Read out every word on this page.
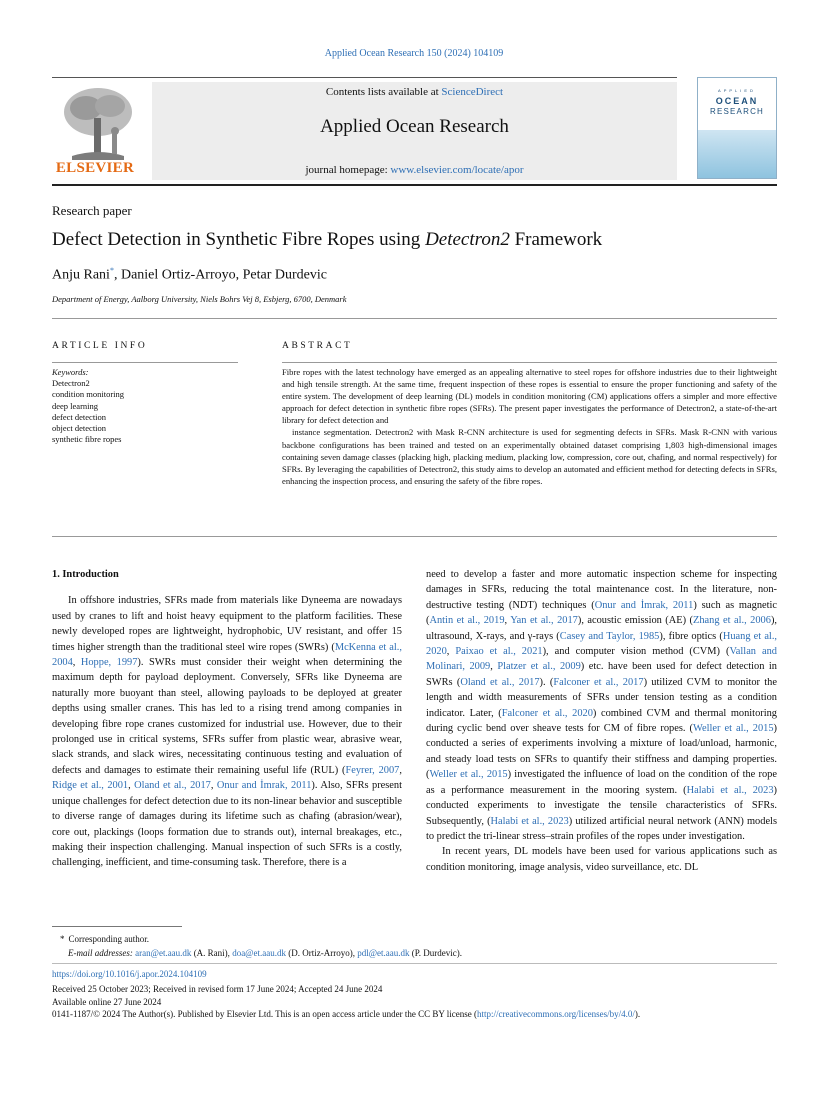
Applied Ocean Research 150 (2024) 104109
ELSEVIER
Contents lists available at ScienceDirect
Applied Ocean Research
journal homepage: www.elsevier.com/locate/apor
APPLIED
OCEAN
RESEARCH
Research paper
Defect Detection in Synthetic Fibre Ropes using Detectron2 Framework
Anju Rani*, Daniel Ortiz-Arroyo, Petar Durdevic
Department of Energy, Aalborg University, Niels Bohrs Vej 8, Esbjerg, 6700, Denmark
ARTICLE INFO	ABSTRACT
Keywords:
Detectron2
condition monitoring
deep learning
defect detection
object detection
synthetic fibre ropes

Fibre ropes with the latest technology have emerged as an appealing alternative to steel ropes for offshore industries due to their lightweight and high tensile strength. At the same time, frequent inspection of these ropes is essential to ensure the proper functioning and safety of the entire system. The development of deep learning (DL) models in condition monitoring (CM) applications offers a simpler and more effective approach for defect detection in synthetic fibre ropes (SFRs). The present paper investigates the performance of Detectron2, a state-of-the-art library for defect detection and

instance segmentation. Detectron2 with Mask R-CNN architecture is used for segmenting defects in SFRs. Mask R-CNN with various backbone configurations has been trained and tested on an experimentally obtained dataset comprising 1,803 high-dimensional images containing seven damage classes (placking high, placking medium, placking low, compression, core out, chafing, and normal respectively) for SFRs. By leveraging the capabilities of Detectron2, this study aims to develop an automated and efficient method for detecting defects in SFRs, enhancing the inspection process, and ensuring the safety of the fibre ropes.

1. Introduction

In offshore industries, SFRs made from materials like Dyneema are nowadays used by cranes to lift and hoist heavy equipment to the platform facilities. These newly developed ropes are lightweight, hydrophobic, UV resistant, and offer 15 times higher strength than the traditional steel wire ropes (SWRs) (McKenna et al., 2004, Hoppe, 1997). SWRs must consider their weight when determining the maximum depth for payload deployment. Conversely, SFRs like Dyneema are naturally more buoyant than steel, allowing payloads to be deployed at greater depths using smaller cranes. This has led to a rising trend among companies in developing fibre rope cranes customized for industrial use. However, due to their prolonged use in critical systems, SFRs suffer from plastic wear, abrasive wear, slack strands, and slack wires, necessitating continuous testing and evaluation of defects and damages to estimate their remaining useful life (RUL) (Feyrer, 2007, Ridge et al., 2001, Oland et al., 2017, Onur and İmrak, 2011). Also, SFRs present unique challenges for defect detection due to its non-linear behavior and susceptible to diverse range of damages during its lifetime such as chafing (abrasion/wear), core out, plackings (loops formation due to strands out), internal breakages, etc., making their inspection challenging. Manual inspection of such SFRs is a costly, challenging, inefficient, and time-consuming task. Therefore, there is a

need to develop a faster and more automatic inspection scheme for inspecting damages in SFRs, reducing the total maintenance cost. In the literature, non-destructive testing (NDT) techniques (Onur and İmrak, 2011) such as magnetic (Antin et al., 2019, Yan et al., 2017), acoustic emission (AE) (Zhang et al., 2006), ultrasound, X-rays, and γ-rays (Casey and Taylor, 1985), fibre optics (Huang et al., 2020, Paixao et al., 2021), and computer vision method (CVM) (Vallan and Molinari, 2009, Platzer et al., 2009) etc. have been used for defect detection in SWRs (Oland et al., 2017). (Falconer et al., 2017) utilized CVM to monitor the length and width measurements of SFRs under tension testing as a condition indicator. Later, (Falconer et al., 2020) combined CVM and thermal monitoring during cyclic bend over sheave tests for CM of fibre ropes. (Weller et al., 2015) conducted a series of experiments involving a mixture of load/unload, harmonic, and steady load tests on SFRs to quantify their stiffness and damping properties. (Weller et al., 2015) investigated the influence of load on the condition of the rope as a performance measurement in the mooring system. (Halabi et al., 2023) conducted experiments to investigate the tensile characteristics of SFRs. Subsequently, (Halabi et al., 2023) utilized artificial neural network (ANN) models to predict the tri-linear stress–strain profiles of the ropes under investigation.

In recent years, DL models have been used for various applications such as condition monitoring, image analysis, video surveillance, etc. DL

* Corresponding author.
E-mail addresses: aran@et.aau.dk (A. Rani), doa@et.aau.dk (D. Ortiz-Arroyo), pdl@et.aau.dk (P. Durdevic).
https://doi.org/10.1016/j.apor.2024.104109
Received 25 October 2023; Received in revised form 17 June 2024; Accepted 24 June 2024
Available online 27 June 2024
0141-1187/© 2024 The Author(s). Published by Elsevier Ltd. This is an open access article under the CC BY license (http://creativecommons.org/licenses/by/4.0/).
